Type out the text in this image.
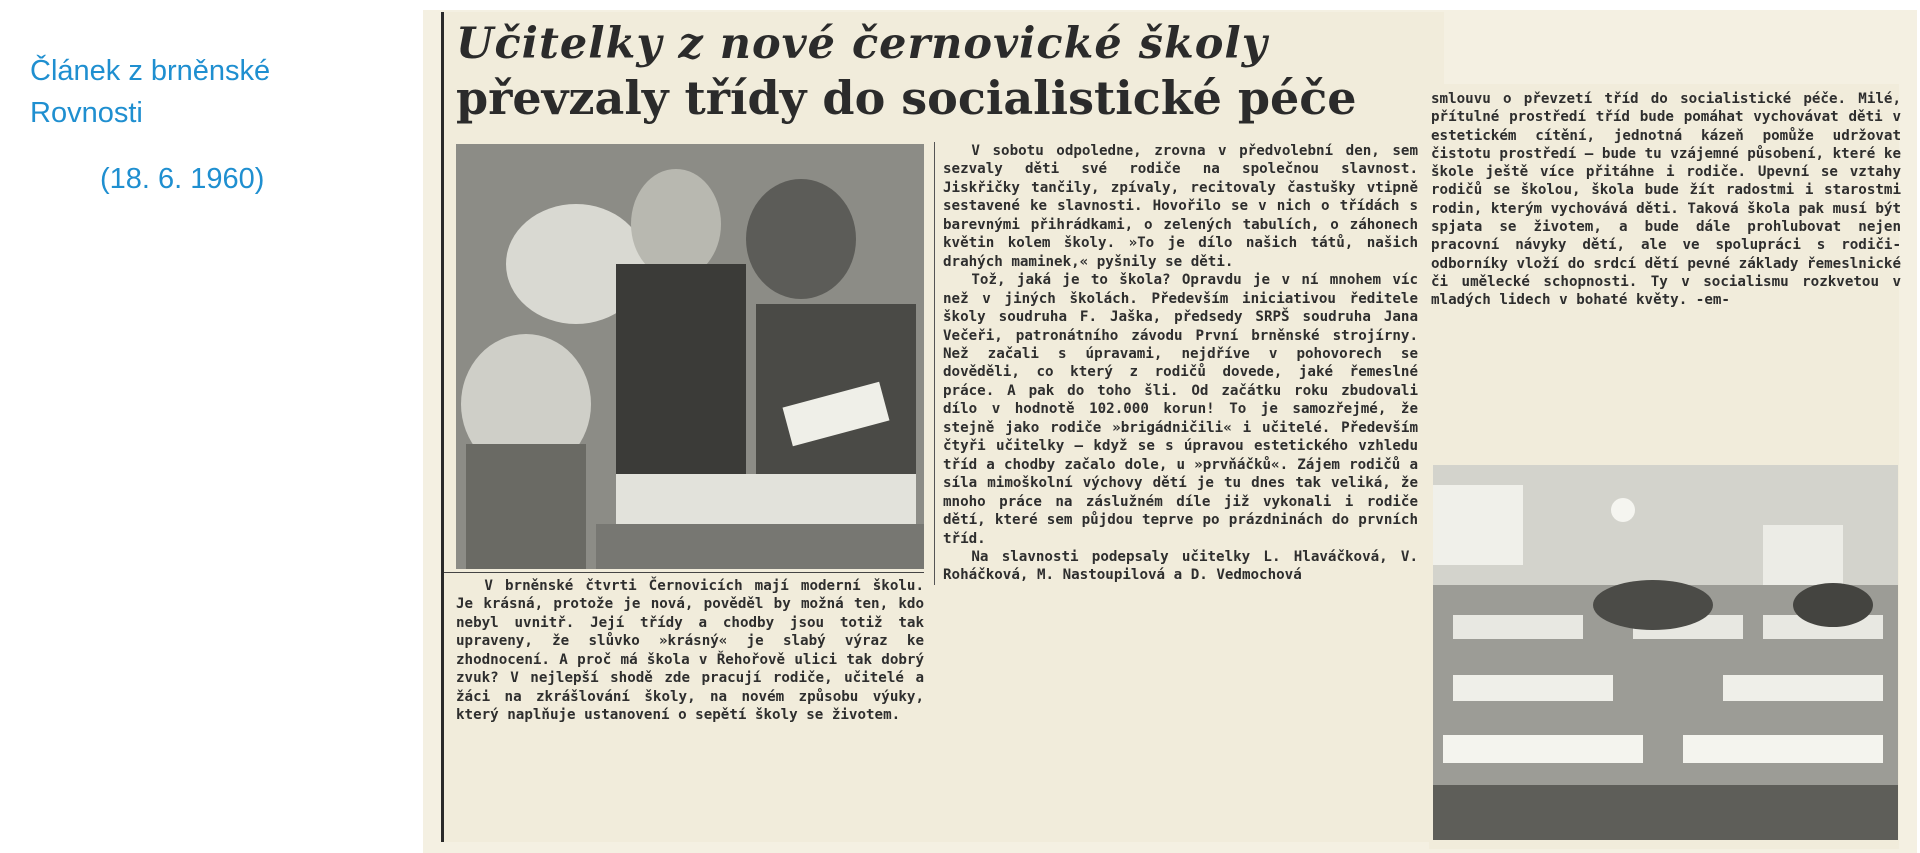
Článek z brněnské
Rovnosti
(18. 6. 1960)
Učitelky z nové černovické školy
převzaly třídy do socialistické péče

V brněnské čtvrti Černovicích mají moderní školu. Je krásná, protože je nová, pověděl by možná ten, kdo nebyl uvnitř. Její třídy a chodby jsou totiž tak upraveny, že slůvko »krásný« je slabý výraz ke zhodnocení. A proč má škola v Řehořově ulici tak dobrý zvuk? V nejlepší shodě zde pracují rodiče, učitelé a žáci na zkrášlování školy, na novém způsobu výuky, který naplňuje ustanovení o sepětí školy se životem.

V sobotu odpoledne, zrovna v předvolební den, sem sezvaly děti své rodiče na společnou slavnost. Jiskřičky tančily, zpívaly, recitovaly častušky vtipně sestavené ke slavnosti. Hovořilo se v nich o třídách s barevnými přihrádkami, o zelených tabulích, o záhonech květin kolem školy. »To je dílo našich tátů, našich drahých maminek,« pyšnily se děti.

Tož, jaká je to škola? Opravdu je v ní mnohem víc než v jiných školách. Především iniciativou ředitele školy soudruha F. Jaška, předsedy SRPŠ soudruha Jana Večeři, patronátního závodu První brněnské strojírny. Než začali s úpravami, nejdříve v pohovorech se dověděli, co který z rodičů dovede, jaké řemeslné práce. A pak do toho šli. Od začátku roku zbudovali dílo v hodnotě 102.000 korun! To je samozřejmé, že stejně jako rodiče »brigádničili« i učitelé. Především čtyři učitelky — když se s úpravou estetického vzhledu tříd a chodby začalo dole, u »prvňáčků«. Zájem rodičů a síla mimoškolní výchovy dětí je tu dnes tak veliká, že mnoho práce na záslužném díle již vykonali i rodiče dětí, které sem půjdou teprve po prázdninách do prvních tříd.

Na slavnosti podepsaly učitelky L. Hlaváčková, V. Roháčková, M. Nastoupilová a D. Vedmochová

smlouvu o převzetí tříd do socialistické péče. Milé, přítulné prostředí tříd bude pomáhat vychovávat děti v estetickém cítění, jednotná kázeň pomůže udržovat čistotu prostředí — bude tu vzájemné působení, které ke škole ještě více přitáhne i rodiče. Upevní se vztahy rodičů se školou, škola bude žít radostmi i starostmi rodin, kterým vychovává děti. Taková škola pak musí být spjata se životem, a bude dále prohlubovat nejen pracovní návyky dětí, ale ve spolupráci s rodiči-odborníky vloží do srdcí dětí pevné základy řemeslnické či umělecké schopnosti. Ty v socialismu rozkvetou v mladých lidech v bohaté květy. -em-
